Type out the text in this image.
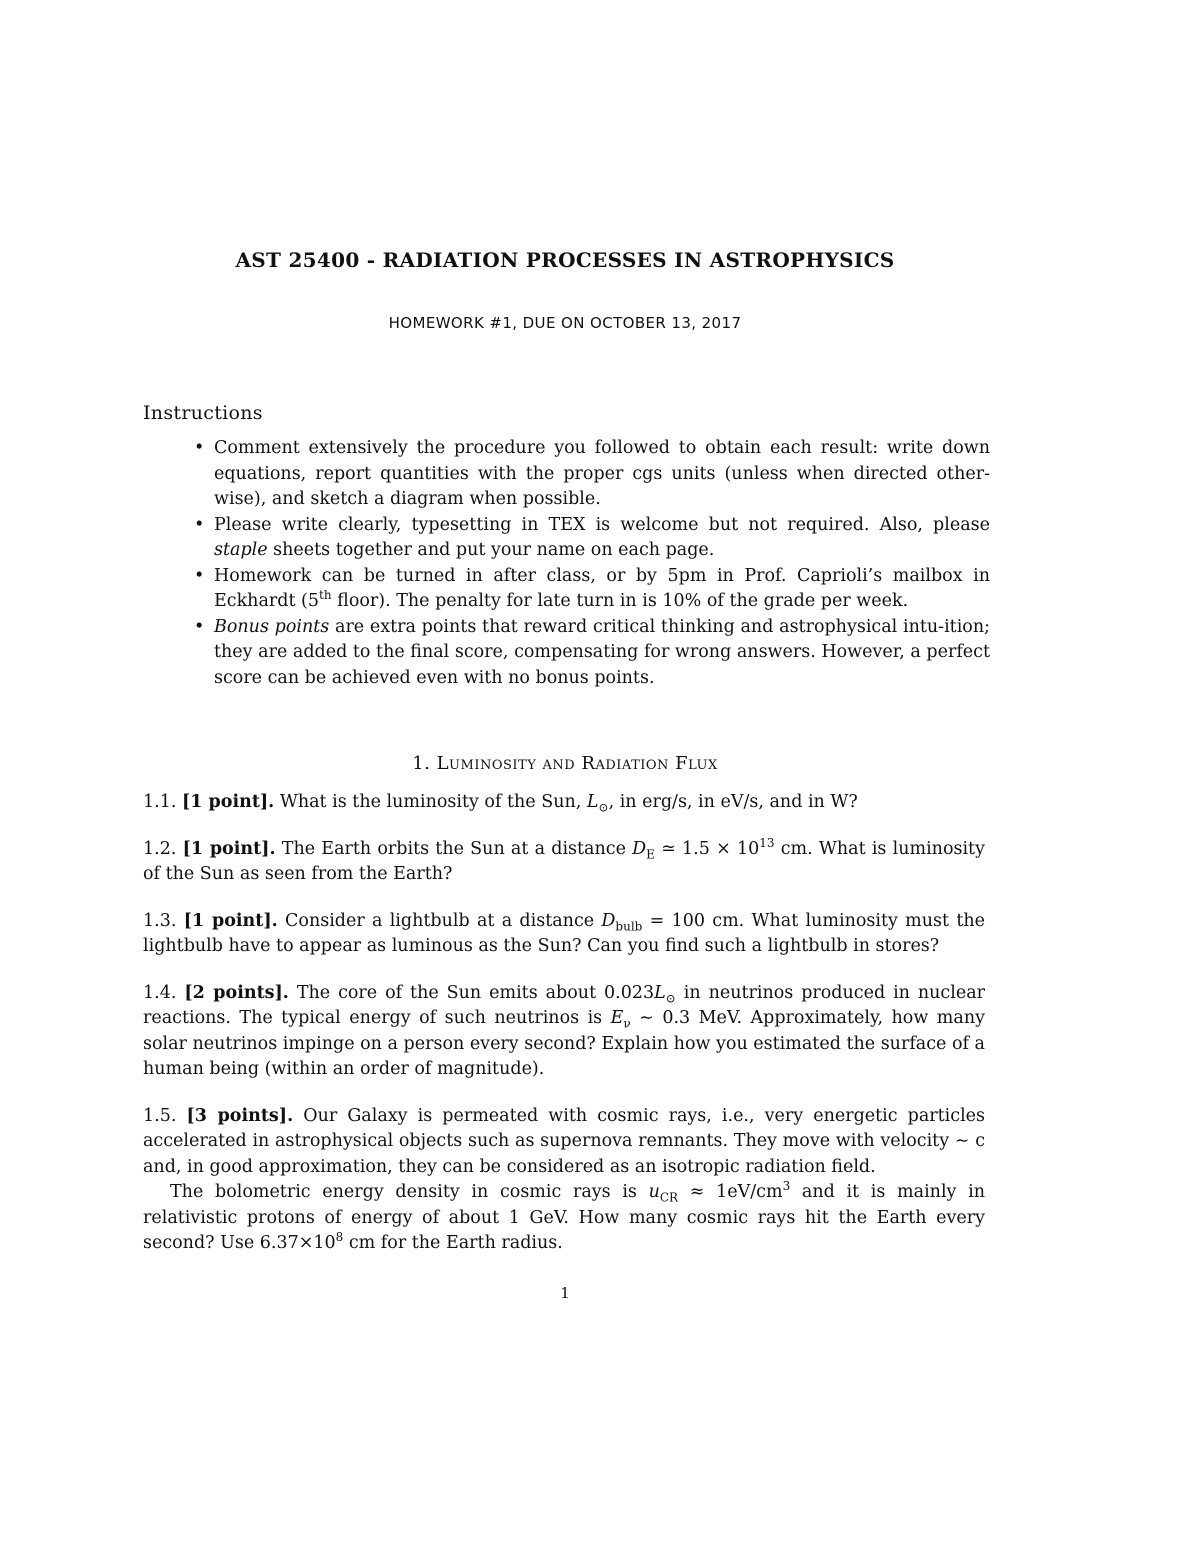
AST 25400 - RADIATION PROCESSES IN ASTROPHYSICS
HOMEWORK #1, DUE ON OCTOBER 13, 2017
Instructions
• Comment extensively the procedure you followed to obtain each result: write down equations, report quantities with the proper cgs units (unless when directed other-wise), and sketch a diagram when possible.
• Please write clearly, typesetting in TEX is welcome but not required. Also, please staple sheets together and put your name on each page.
• Homework can be turned in after class, or by 5pm in Prof. Caprioli’s mailbox in Eckhardt (5th floor). The penalty for late turn in is 10% of the grade per week.
• Bonus points are extra points that reward critical thinking and astrophysical intu-ition; they are added to the final score, compensating for wrong answers. However, a perfect score can be achieved even with no bonus points.
1. Luminosity and Radiation Flux
1.1. [1 point]. What is the luminosity of the Sun, $L_⊙$, in erg/s, in eV/s, and in W?
1.2. [1 point]. The Earth orbits the Sun at a distance $D_E$ ≃ $1.5 \times 10^{13}$ cm. What is luminosity of the Sun as seen from the Earth?
1.3. [1 point]. Consider a lightbulb at a distance $D_{bulb} = 100$ cm. What luminosity must the lightbulb have to appear as luminous as the Sun? Can you find such a lightbulb in stores?
1.4. [2 points]. The core of the Sun emits about $0.023L_⊙$ in neutrinos produced in nuclear reactions. The typical energy of such neutrinos is $E_\nu$ ∼ 0.3 MeV. Approximately, how many solar neutrinos impinge on a person every second? Explain how you estimated the surface of a human being (within an order of magnitude).

1.5. [3 points]. Our Galaxy is permeated with cosmic rays, i.e., very energetic particles accelerated in astrophysical objects such as supernova remnants. They move with velocity ∼ c and, in good approximation, they can be considered as an isotropic radiation field.

The bolometric energy density in cosmic rays is $u_{CR} \approx 1eV/cm^3$ and it is mainly in relativistic protons of energy of about 1 GeV. How many cosmic rays hit the Earth every second? Use $6.37\times 10^8$ cm for the Earth radius.

1
